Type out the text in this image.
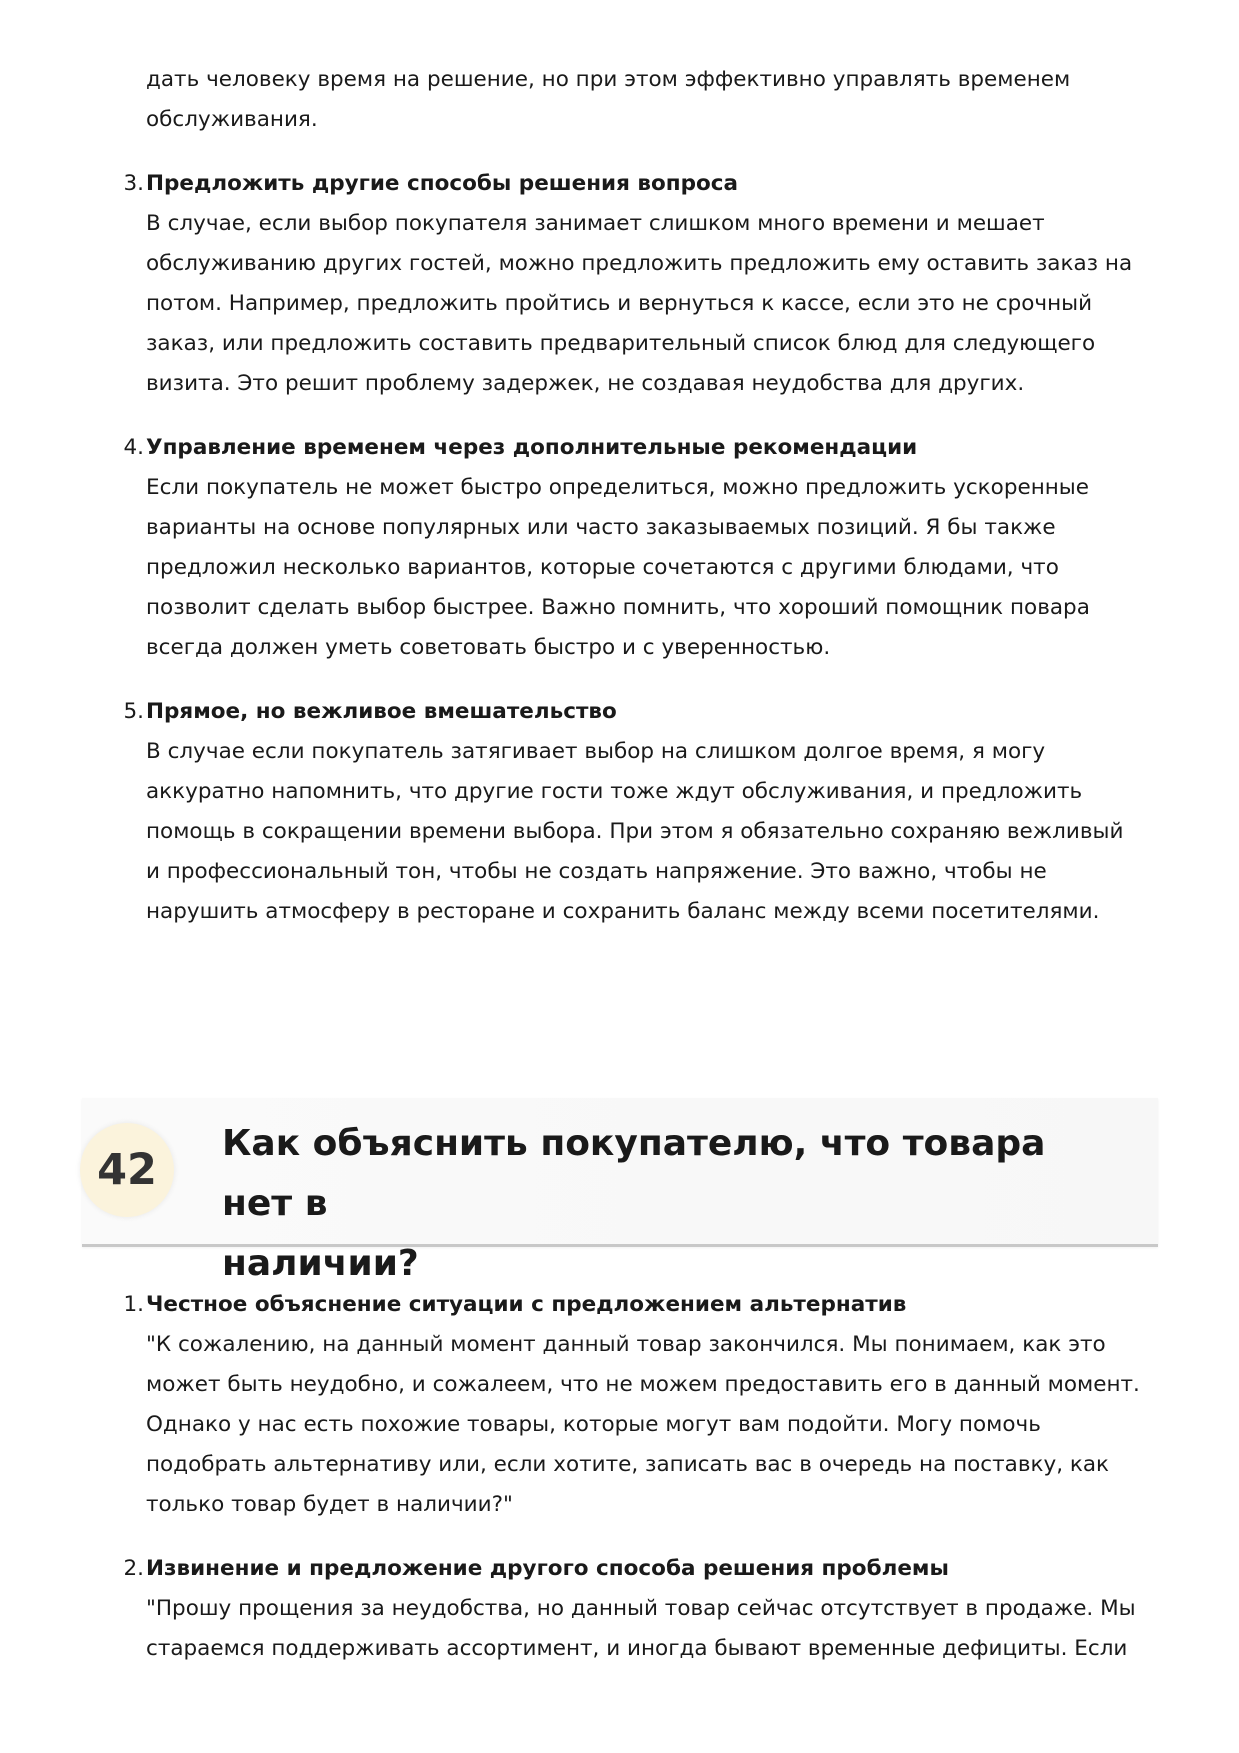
дать человеку время на решение, но при этом эффективно управлять временем
обслуживания.
3. Предложить другие способы решения вопроса
В случае, если выбор покупателя занимает слишком много времени и мешает
обслуживанию других гостей, можно предложить предложить ему оставить заказ на
потом. Например, предложить пройтись и вернуться к кассе, если это не срочный
заказ, или предложить составить предварительный список блюд для следующего
визита. Это решит проблему задержек, не создавая неудобства для других.
4. Управление временем через дополнительные рекомендации
Если покупатель не может быстро определиться, можно предложить ускоренные
варианты на основе популярных или часто заказываемых позиций. Я бы также
предложил несколько вариантов, которые сочетаются с другими блюдами, что
позволит сделать выбор быстрее. Важно помнить, что хороший помощник повара
всегда должен уметь советовать быстро и с уверенностью.
5. Прямое, но вежливое вмешательство
В случае если покупатель затягивает выбор на слишком долгое время, я могу
аккуратно напомнить, что другие гости тоже ждут обслуживания, и предложить
помощь в сокращении времени выбора. При этом я обязательно сохраняю вежливый
и профессиональный тон, чтобы не создать напряжение. Это важно, чтобы не
нарушить атмосферу в ресторане и сохранить баланс между всеми посетителями.
42
Как объяснить покупателю, что товара нет в
наличии?
1. Честное объяснение ситуации с предложением альтернатив
"К сожалению, на данный момент данный товар закончился. Мы понимаем, как это
может быть неудобно, и сожалеем, что не можем предоставить его в данный момент.
Однако у нас есть похожие товары, которые могут вам подойти. Могу помочь
подобрать альтернативу или, если хотите, записать вас в очередь на поставку, как
только товар будет в наличии?"
2. Извинение и предложение другого способа решения проблемы
"Прошу прощения за неудобства, но данный товар сейчас отсутствует в продаже. Мы
стараемся поддерживать ассортимент, и иногда бывают временные дефициты. Если
